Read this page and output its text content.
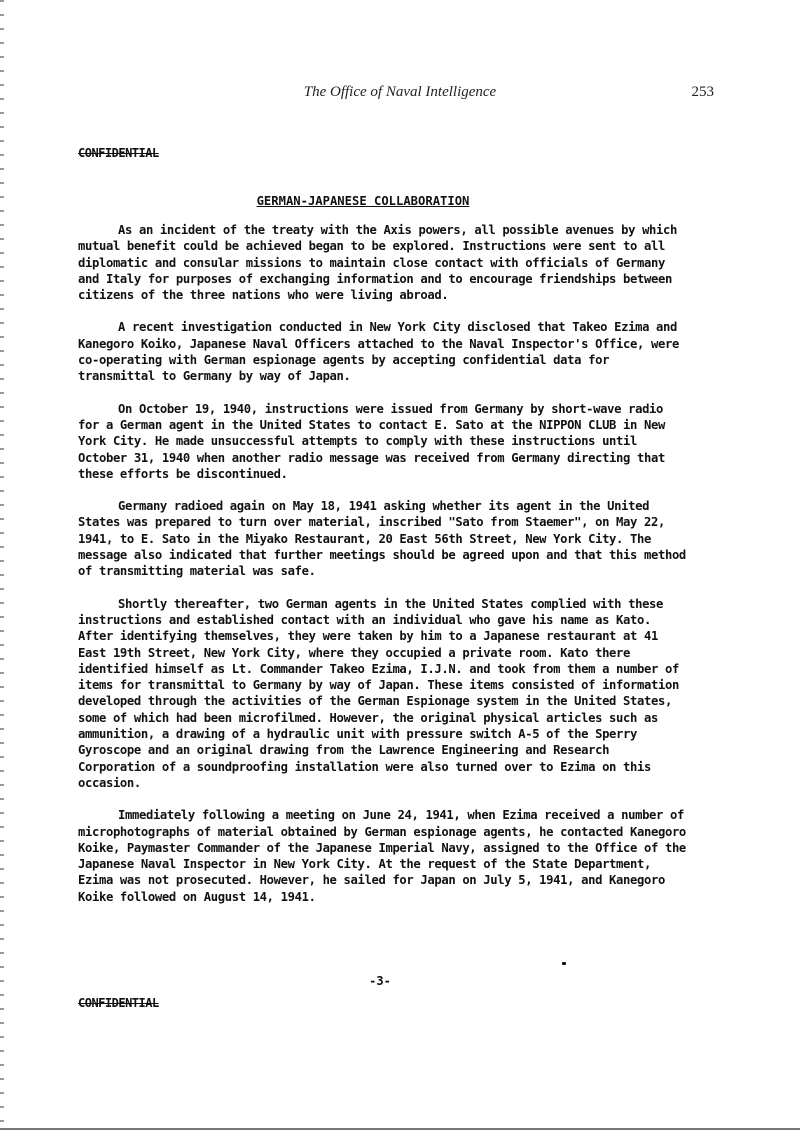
The Office of Naval Intelligence	253
CONFIDENTIAL
GERMAN-JAPANESE COLLABORATION

As an incident of the treaty with the Axis powers, all possible avenues by which mutual benefit could be achieved began to be explored. Instructions were sent to all diplomatic and consular missions to maintain close contact with officials of Germany and Italy for purposes of exchanging information and to encourage friendships between citizens of the three nations who were living abroad.

A recent investigation conducted in New York City disclosed that Takeo Ezima and Kanegoro Koiko, Japanese Naval Officers attached to the Naval Inspector's Office, were co-operating with German espionage agents by accepting confidential data for transmittal to Germany by way of Japan.

On October 19, 1940, instructions were issued from Germany by short-wave radio for a German agent in the United States to contact E. Sato at the NIPPON CLUB in New York City. He made unsuccessful attempts to comply with these instructions until October 31, 1940 when another radio message was received from Germany directing that these efforts be discontinued.

Germany radioed again on May 18, 1941 asking whether its agent in the United States was prepared to turn over material, inscribed "Sato from Staemer", on May 22, 1941, to E. Sato in the Miyako Restaurant, 20 East 56th Street, New York City. The message also indicated that further meetings should be agreed upon and that this method of transmitting material was safe.

Shortly thereafter, two German agents in the United States complied with these instructions and established contact with an individual who gave his name as Kato. After identifying themselves, they were taken by him to a Japanese restaurant at 41 East 19th Street, New York City, where they occupied a private room. Kato there identified himself as Lt. Commander Takeo Ezima, I.J.N. and took from them a number of items for transmittal to Germany by way of Japan. These items consisted of information developed through the activities of the German Espionage system in the United States, some of which had been microfilmed. However, the original physical articles such as ammunition, a drawing of a hydraulic unit with pressure switch A-5 of the Sperry Gyroscope and an original drawing from the Lawrence Engineering and Research Corporation of a soundproofing installation were also turned over to Ezima on this occasion.

Immediately following a meeting on June 24, 1941, when Ezima received a number of microphotographs of material obtained by German espionage agents, he contacted Kanegoro Koike, Paymaster Commander of the Japanese Imperial Navy, assigned to the Office of the Japanese Naval Inspector in New York City. At the request of the State Department, Ezima was not prosecuted. However, he sailed for Japan on July 5, 1941, and Kanegoro Koike followed on August 14, 1941.

-3-
CONFIDENTIAL
